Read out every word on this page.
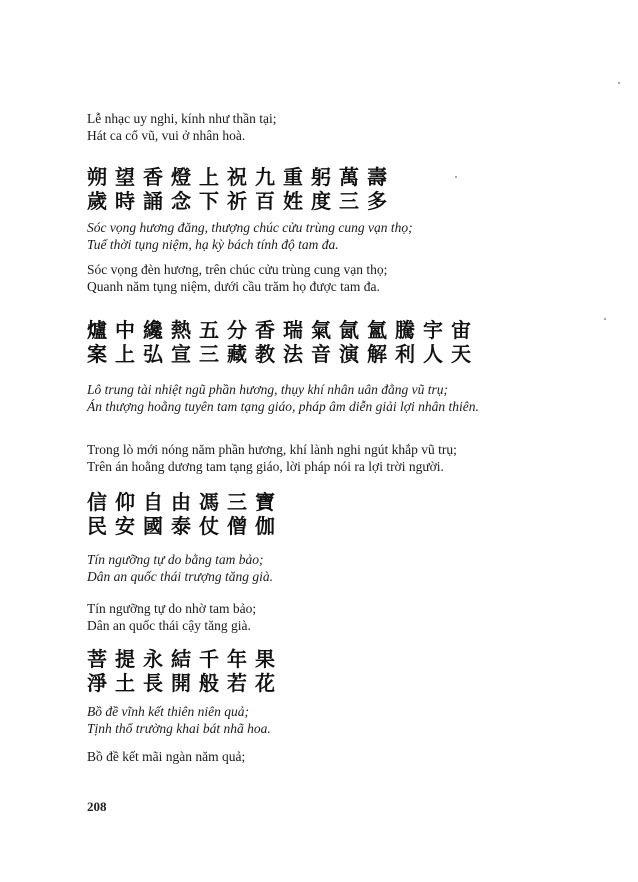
Lễ nhạc uy nghi, kính như thần tại;

Hát ca cổ vũ, vui ở nhân hoà.

朔望香燈上祝九重躬萬壽

歲時誦念下祈百姓度三多

Sóc vọng hương đăng, thượng chúc cửu trùng cung vạn thọ;

Tuế thời tụng niệm, hạ kỳ bách tính độ tam đa.

Sóc vọng đèn hương, trên chúc cửu trùng cung vạn thọ;

Quanh năm tụng niệm, dưới cầu trăm họ được tam đa.

爐中纔熱五分香瑞氣氤氳騰宇宙

案上弘宣三藏教法音演解利人天

Lô trung tài nhiệt ngũ phần hương, thụy khí nhân uân đằng vũ trụ;

Án thượng hoằng tuyên tam tạng giáo, pháp âm diễn giải lợi nhân thiên.

Trong lò mới nóng năm phần hương, khí lành nghi ngút khắp vũ trụ;

Trên án hoằng dương tam tạng giáo, lời pháp nói ra lợi trời người.

信仰自由馮三寶

民安國泰仗僧伽

Tín ngưỡng tự do bằng tam bảo;

Dân an quốc thái trượng tăng già.

Tín ngưỡng tự do nhờ tam bảo;

Dân an quốc thái cậy tăng già.

菩提永結千年果

淨土長開般若花

Bồ đề vĩnh kết thiên niên quả;

Tịnh thổ trường khai bát nhã hoa.

Bồ đề kết mãi ngàn năm quả;

208
